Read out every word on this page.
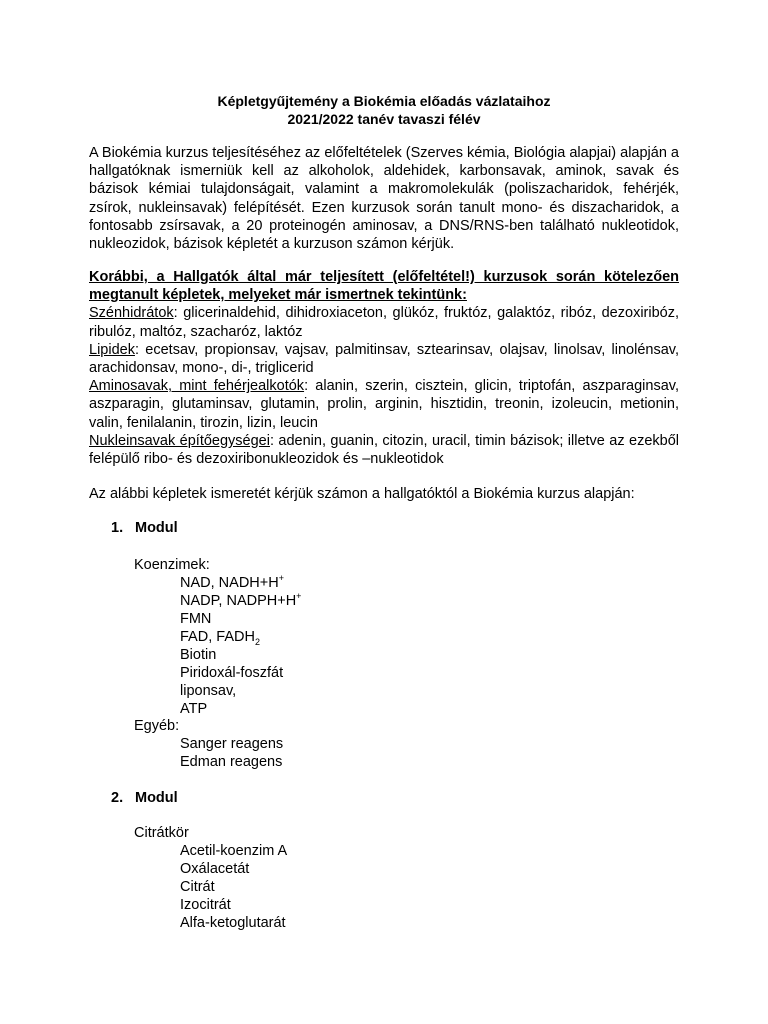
Képletgyűjtemény a Biokémia előadás vázlataihoz
2021/2022 tanév tavaszi félév
A Biokémia kurzus teljesítéséhez az előfeltételek (Szerves kémia, Biológia alapjai) alapján a hallgatóknak ismerniük kell az alkoholok, aldehidek, karbonsavak, aminok, savak és bázisok kémiai tulajdonságait, valamint a makromolekulák (poliszacharidok, fehérjék, zsírok, nukleinsavak) felépítését. Ezen kurzusok során tanult mono- és diszacharidok, a fontosabb zsírsavak, a 20 proteinogén aminosav, a DNS/RNS-ben található nukleotidok, nukleozidok, bázisok képletét a kurzuson számon kérjük.
Korábbi, a Hallgatók által már teljesített (előfeltétel!) kurzusok során kötelezően megtanult képletek, melyeket már ismertnek tekintünk:
Szénhidrátok: glicerinaldehid, dihidroxiaceton, glükóz, fruktóz, galaktóz, ribóz, dezoxiribóz, ribulóz, maltóz, szacharóz, laktóz
Lipidek: ecetsav, propionsav, vajsav, palmitinsav, sztearinsav, olajsav, linolsav, linolénsav, arachidonsav, mono-, di-, triglicerid
Aminosavak, mint fehérjealkotók: alanin, szerin, cisztein, glicin, triptofán, aszparaginsav, aszparagin, glutaminsav, glutamin, prolin, arginin, hisztidin, treonin, izoleucin, metionin, valin, fenilalanin, tirozin, lizin, leucin
Nukleinsavak építőegységei: adenin, guanin, citozin, uracil, timin bázisok; illetve az ezekből felépülő ribo- és dezoxiribonukleozidok és –nukleotidok
Az alábbi képletek ismeretét kérjük számon a hallgatóktól a Biokémia kurzus alapján:
1. Modul
Koenzimek:
NAD, NADH+H+
NADP, NADPH+H+
FMN
FAD, $FADH_2$
Biotin
Piridoxál-foszfát
liponsav,
ATP
Egyéb:
Sanger reagens
Edman reagens
2. Modul
Citrátkör
Acetil-koenzim A
Oxálacetát
Citrát
Izocitrát
Alfa-ketoglutarát
